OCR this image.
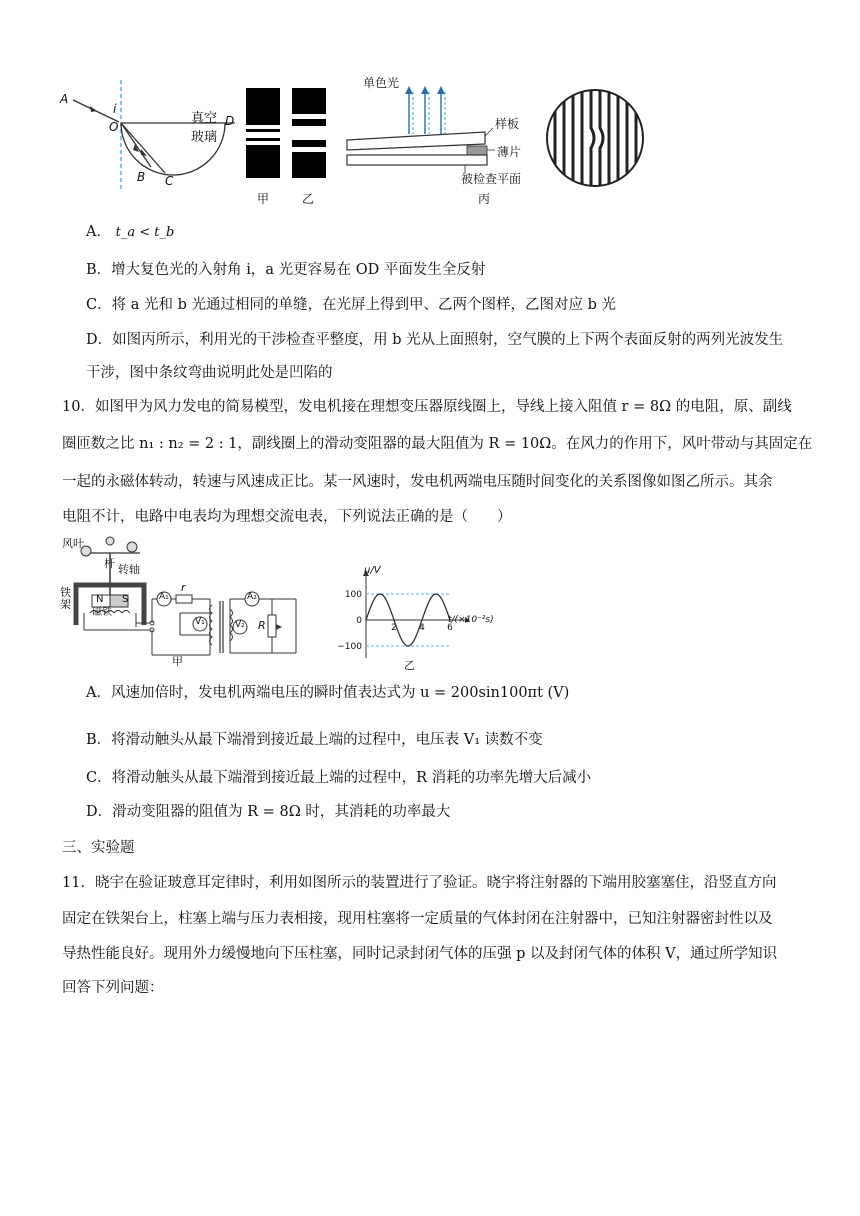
A
i
O
B C
D
真空
玻璃
甲	乙
单色光
样板
薄片
被检查平面
丙
A． t_a < t_b
B．增大复色光的入射角 i，a 光更容易在 OD 平面发生全反射
C．将 a 光和 b 光通过相同的单缝，在光屏上得到甲、乙两个图样，乙图对应 b 光
D．如图丙所示，利用光的干涉检查平整度，用 b 光从上面照射，空气膜的上下两个表面反射的两列光波发生
干涉，图中条纹弯曲说明此处是凹陷的
10．如图甲为风力发电的简易模型，发电机接在理想变压器原线圈上，导线上接入阻值 r = 8Ω 的电阻，原、副线
圈匝数之比 n₁ : n₂ = 2 : 1，副线圈上的滑动变阻器的最大阻值为 R = 10Ω。在风力的作用下，风叶带动与其固定在
一起的永磁体转动，转速与风速成正比。某一风速时，发电机两端电压随时间变化的关系图像如图乙所示。其余
电阻不计，电路中电表均为理想交流电表，下列说法正确的是（　　）
风叶
杆 转轴
铁架	N S
磁铁
A₁
r
V₁
A₂
V₂ R
甲
100
0
−100
2 4 6
u/V
t/(×10⁻²s)
乙
A．风速加倍时，发电机两端电压的瞬时值表达式为 u = 200sin100πt (V)
B．将滑动触头从最下端滑到接近最上端的过程中，电压表 V₁ 读数不变
C．将滑动触头从最下端滑到接近最上端的过程中，R 消耗的功率先增大后减小
D．滑动变阻器的阻值为 R = 8Ω 时，其消耗的功率最大
三、实验题
11．晓宇在验证玻意耳定律时，利用如图所示的装置进行了验证。晓宇将注射器的下端用胶塞塞住，沿竖直方向
固定在铁架台上，柱塞上端与压力表相接，现用柱塞将一定质量的气体封闭在注射器中，已知注射器密封性以及
导热性能良好。现用外力缓慢地向下压柱塞，同时记录封闭气体的压强 p 以及封闭气体的体积 V，通过所学知识
回答下列问题：
